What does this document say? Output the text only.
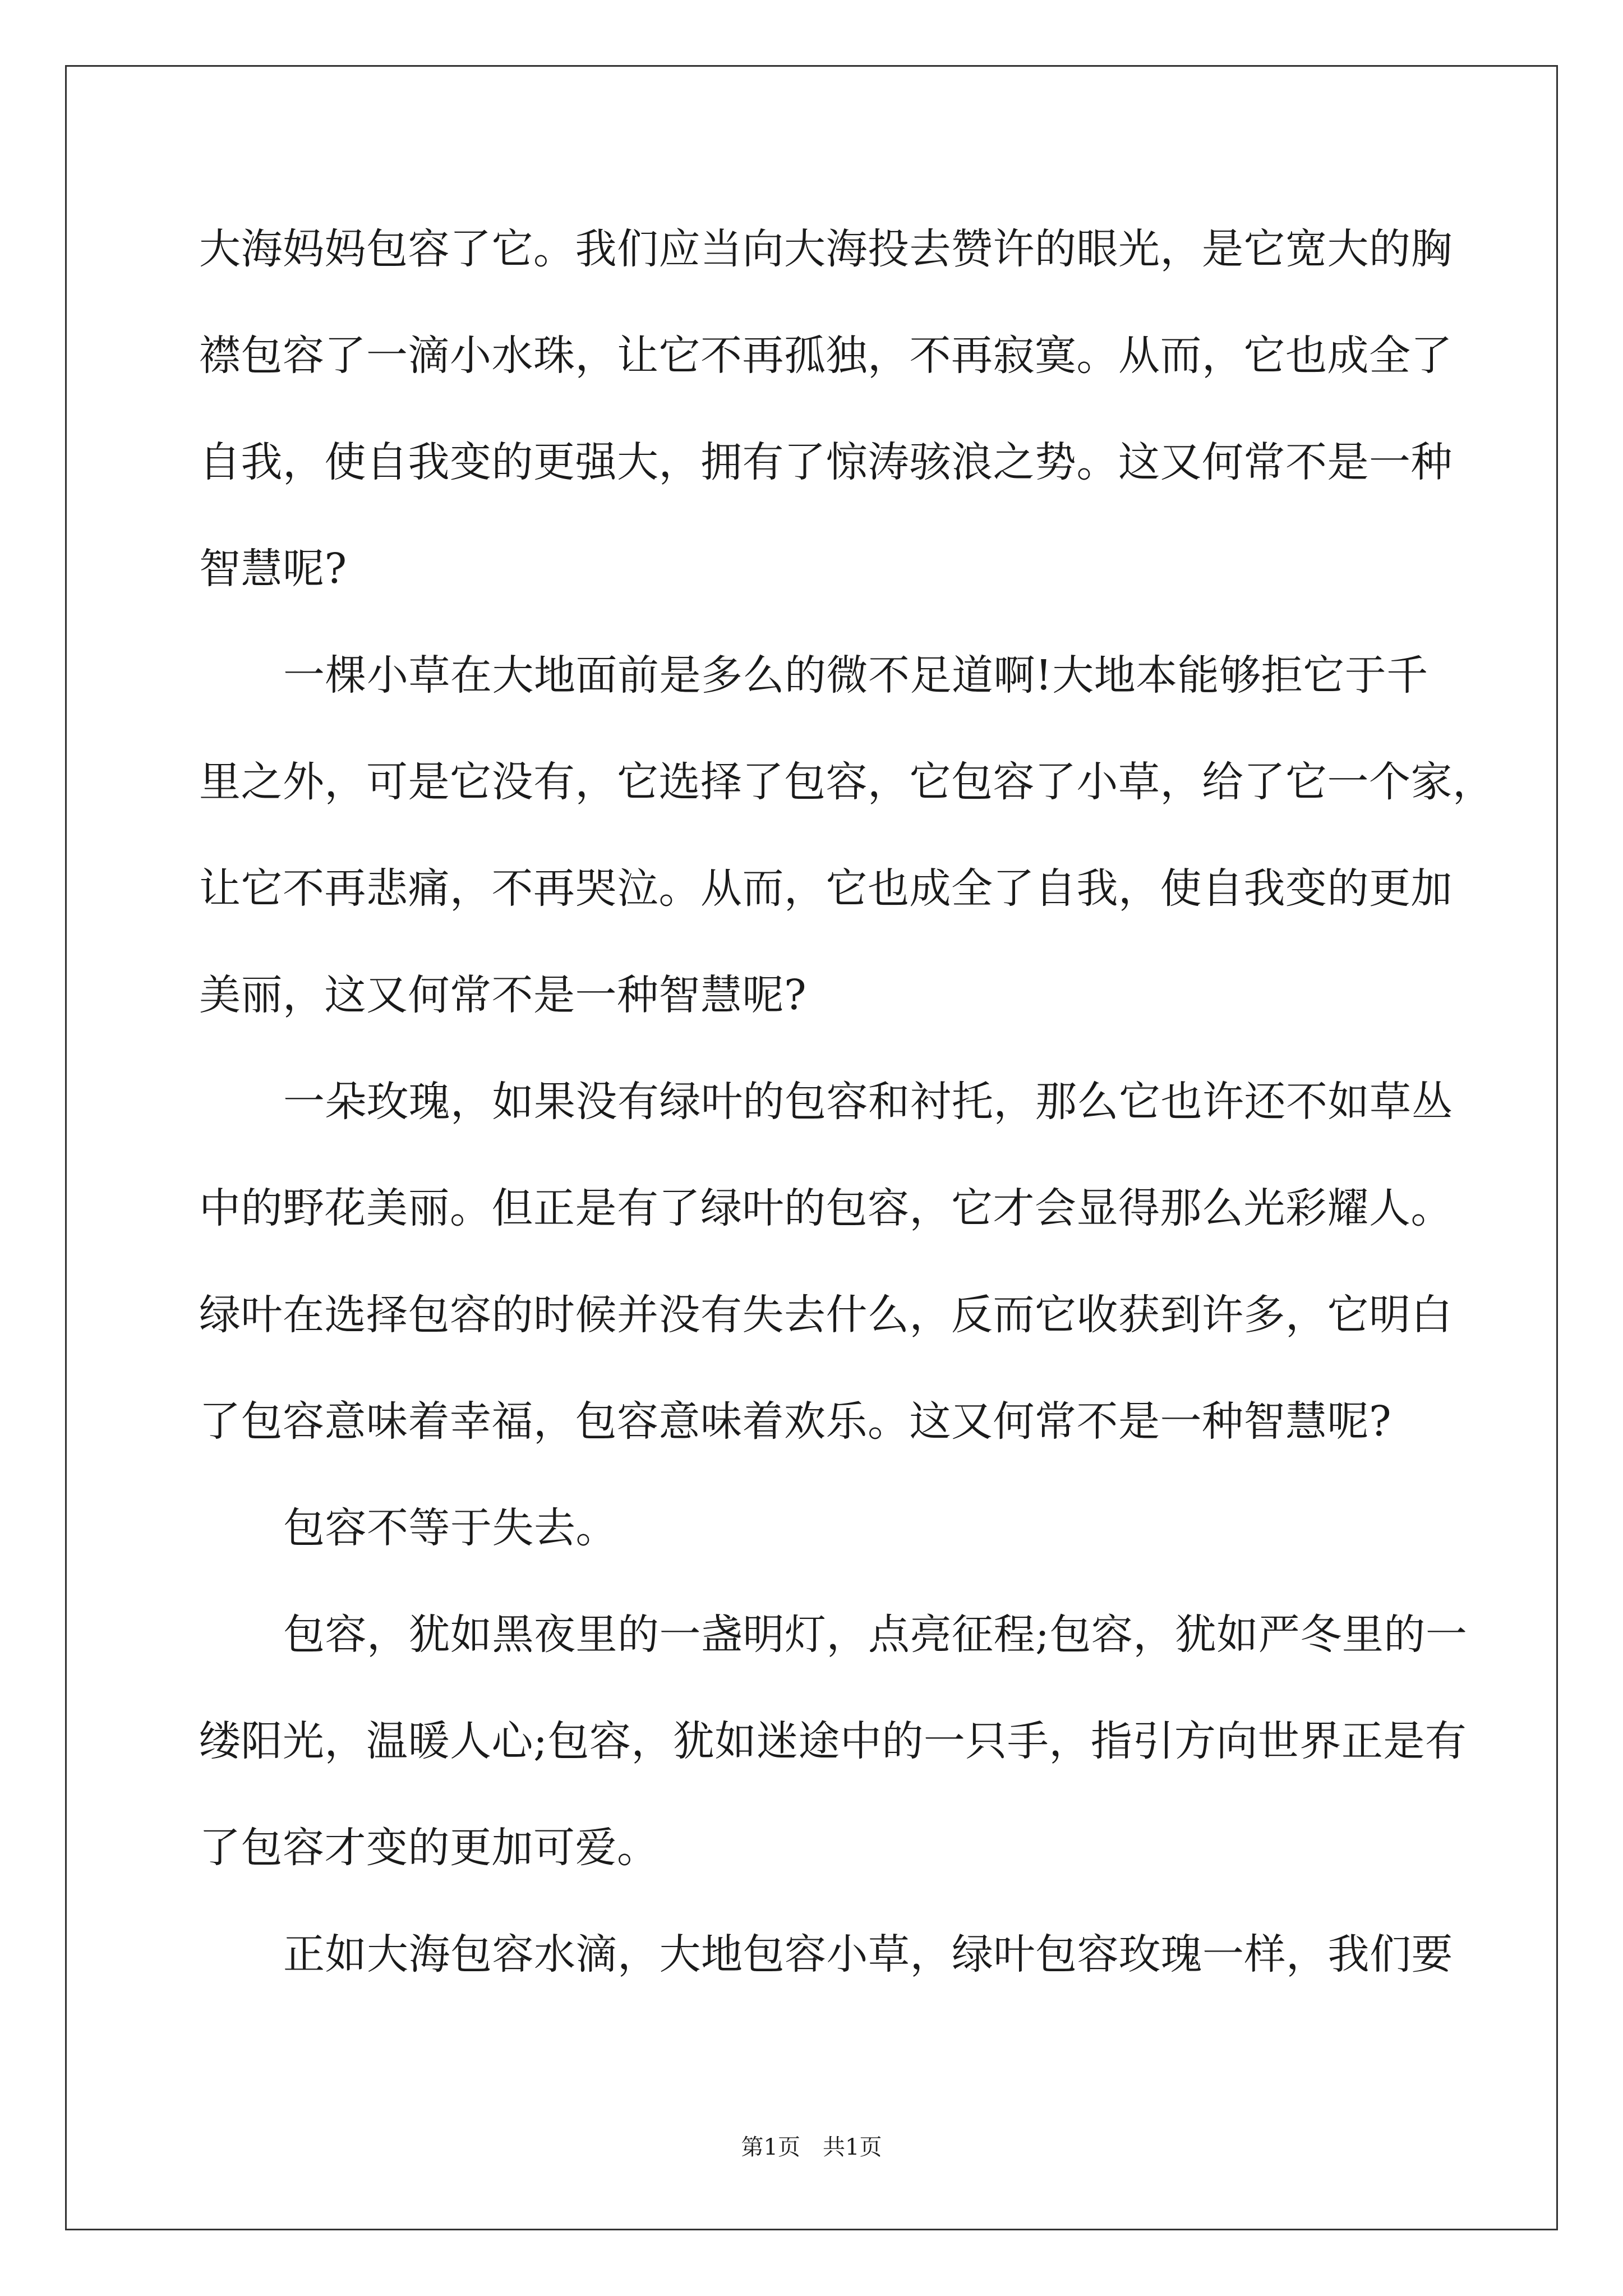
大海妈妈包容了它。我们应当向大海投去赞许的眼光，是它宽大的胸
襟包容了一滴小水珠，让它不再孤独，不再寂寞。从而，它也成全了
自我，使自我变的更强大，拥有了惊涛骇浪之势。这又何常不是一种
智慧呢?
一棵小草在大地面前是多么的微不足道啊!大地本能够拒它于千
里之外，可是它没有，它选择了包容，它包容了小草，给了它一个家，
让它不再悲痛，不再哭泣。从而，它也成全了自我，使自我变的更加
美丽，这又何常不是一种智慧呢?
一朵玫瑰，如果没有绿叶的包容和衬托，那么它也许还不如草丛
中的野花美丽。但正是有了绿叶的包容，它才会显得那么光彩耀人。
绿叶在选择包容的时候并没有失去什么，反而它收获到许多，它明白
了包容意味着幸福，包容意味着欢乐。这又何常不是一种智慧呢?
包容不等于失去。
包容，犹如黑夜里的一盏明灯，点亮征程;包容，犹如严冬里的一
缕阳光，温暖人心;包容，犹如迷途中的一只手，指引方向世界正是有
了包容才变的更加可爱。
正如大海包容水滴，大地包容小草，绿叶包容玫瑰一样，我们要
第1页　共1页
